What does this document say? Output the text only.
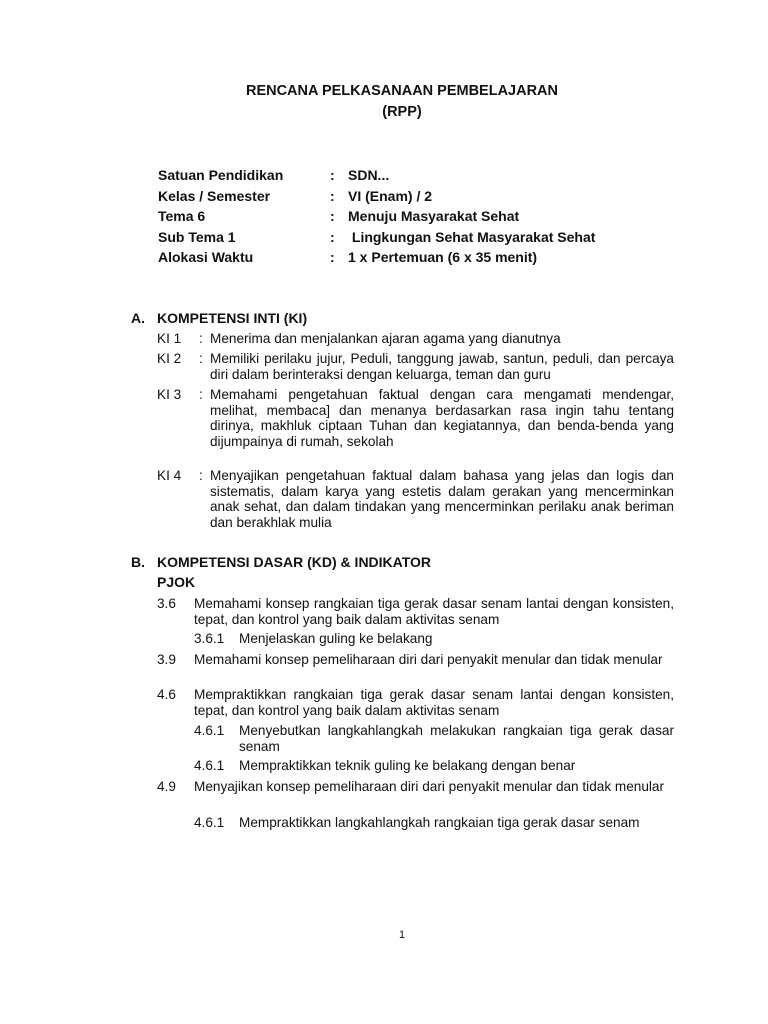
RENCANA PELKASANAAN PEMBELAJARAN
(RPP)
Satuan Pendidikan	: SDN...
Kelas / Semester	: VI (Enam) / 2
Tema 6	: Menuju Masyarakat Sehat
Sub Tema 1	: Lingkungan Sehat Masyarakat Sehat
Alokasi Waktu	: 1 x Pertemuan (6 x 35 menit)
A. KOMPETENSI INTI (KI)
KI 1 : Menerima dan menjalankan ajaran agama yang dianutnya
KI 2 : Memiliki perilaku jujur, Peduli, tanggung jawab, santun, peduli, dan percaya diri dalam berinteraksi dengan keluarga, teman dan guru
KI 3 : Memahami pengetahuan faktual dengan cara mengamati mendengar, melihat, membaca] dan menanya berdasarkan rasa ingin tahu tentang dirinya, makhluk ciptaan Tuhan dan kegiatannya, dan benda-benda yang dijumpainya di rumah, sekolah
KI 4 : Menyajikan pengetahuan faktual dalam bahasa yang jelas dan logis dan sistematis, dalam karya yang estetis dalam gerakan yang mencerminkan anak sehat, dan dalam tindakan yang mencerminkan perilaku anak beriman dan berakhlak mulia
B. KOMPETENSI DASAR (KD) & INDIKATOR
PJOK
3.6 Memahami konsep rangkaian tiga gerak dasar senam lantai dengan konsisten, tepat, dan kontrol yang baik dalam aktivitas senam
3.6.1 Menjelaskan guling ke belakang
3.9 Memahami konsep pemeliharaan diri dari penyakit menular dan tidak menular
4.6 Mempraktikkan rangkaian tiga gerak dasar senam lantai dengan konsisten, tepat, dan kontrol yang baik dalam aktivitas senam
4.6.1 Menyebutkan langkahlangkah melakukan rangkaian tiga gerak dasar senam
4.6.1 Mempraktikkan teknik guling ke belakang dengan benar
4.9 Menyajikan konsep pemeliharaan diri dari penyakit menular dan tidak menular
4.6.1 Mempraktikkan langkahlangkah rangkaian tiga gerak dasar senam
1
